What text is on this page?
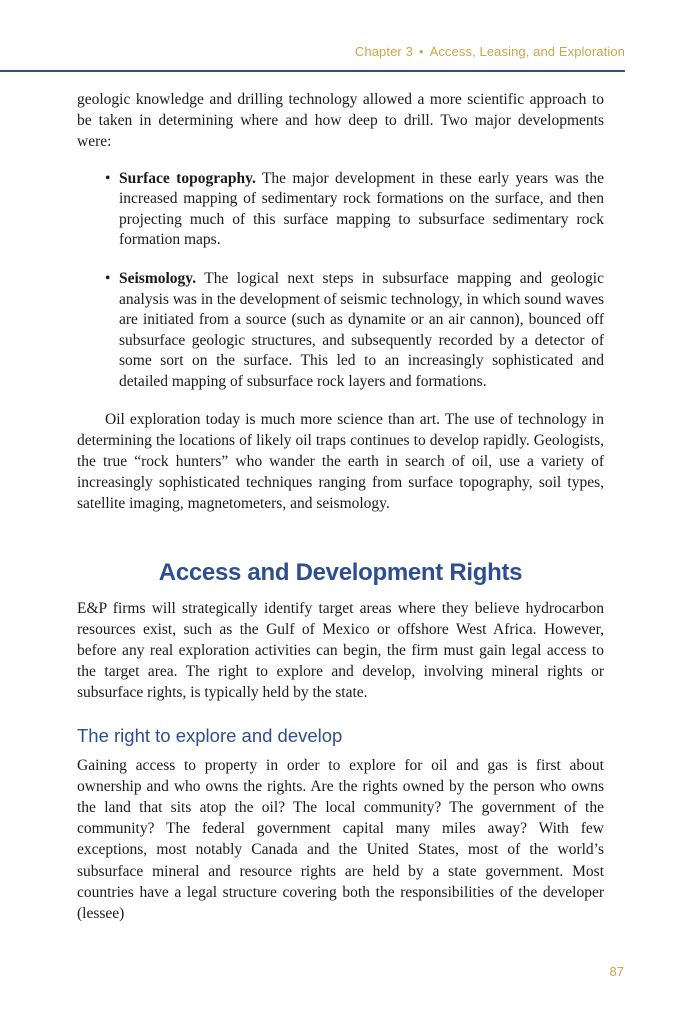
Chapter 3 • Access, Leasing, and Exploration

geologic knowledge and drilling technology allowed a more scientific approach to be taken in determining where and how deep to drill. Two major developments were:

• Surface topography. The major development in these early years was the increased mapping of sedimentary rock formations on the surface, and then projecting much of this surface mapping to subsurface sedimentary rock formation maps.
• Seismology. The logical next steps in subsurface mapping and geologic analysis was in the development of seismic technology, in which sound waves are initiated from a source (such as dynamite or an air cannon), bounced off subsurface geologic structures, and subsequently recorded by a detector of some sort on the surface. This led to an increasingly sophisticated and detailed mapping of subsurface rock layers and formations.

Oil exploration today is much more science than art. The use of technology in determining the locations of likely oil traps continues to develop rapidly. Geologists, the true “rock hunters” who wander the earth in search of oil, use a variety of increasingly sophisticated techniques ranging from surface topography, soil types, satellite imaging, magnetometers, and seismology.

Access and Development Rights

E&P firms will strategically identify target areas where they believe hydrocarbon resources exist, such as the Gulf of Mexico or offshore West Africa. However, before any real exploration activities can begin, the firm must gain legal access to the target area. The right to explore and develop, involving mineral rights or subsurface rights, is typically held by the state.

The right to explore and develop

Gaining access to property in order to explore for oil and gas is first about ownership and who owns the rights. Are the rights owned by the person who owns the land that sits atop the oil? The local community? The government of the community? The federal government capital many miles away? With few exceptions, most notably Canada and the United States, most of the world’s subsurface mineral and resource rights are held by a state government. Most countries have a legal structure covering both the responsibilities of the developer (lessee)

87
